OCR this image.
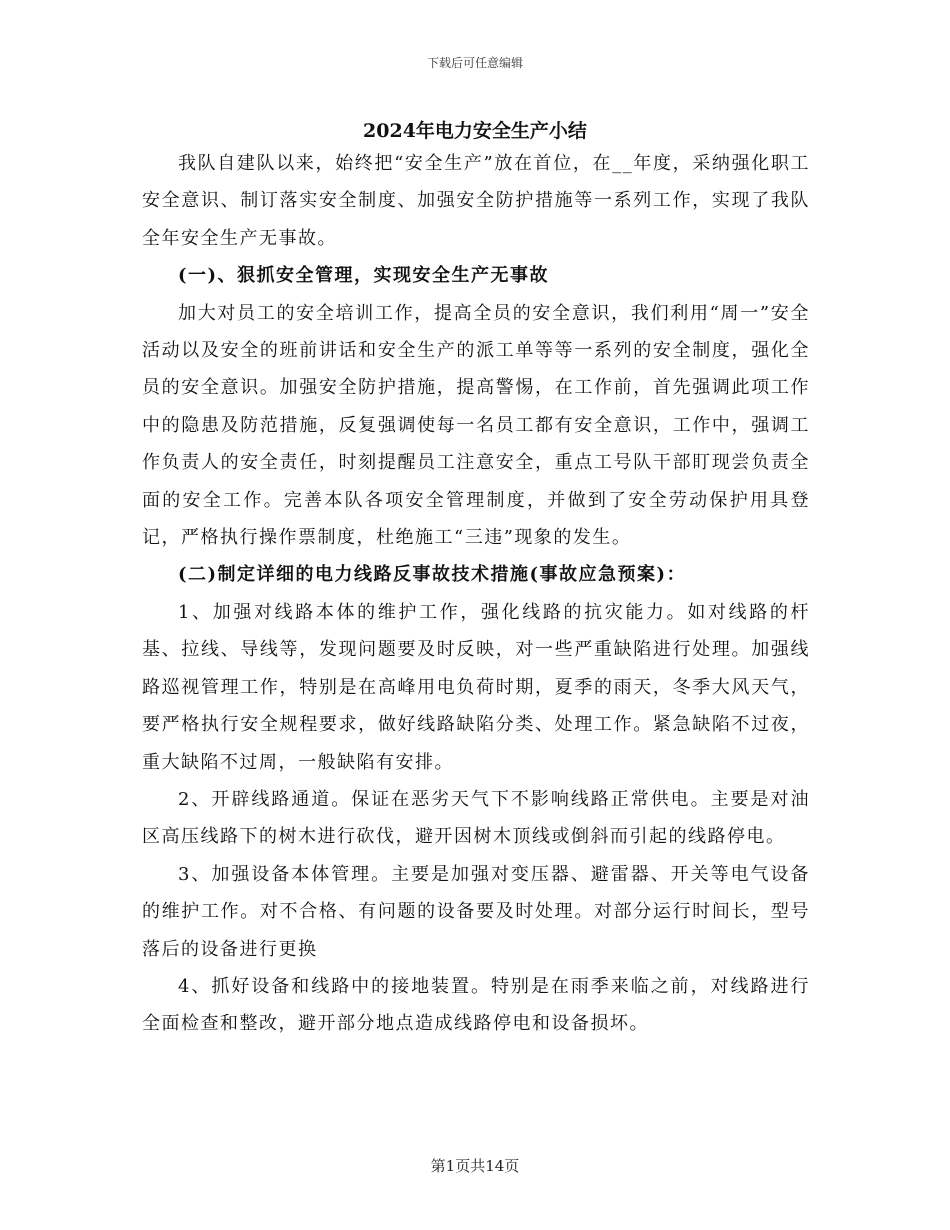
下载后可任意编辑
2024年电力安全生产小结

我队自建队以来，始终把“安全生产”放在首位，在__年度，采纳强化职工安全意识、制订落实安全制度、加强安全防护措施等一系列工作，实现了我队全年安全生产无事故。

(一)、狠抓安全管理，实现安全生产无事故

加大对员工的安全培训工作，提高全员的安全意识，我们利用“周一”安全活动以及安全的班前讲话和安全生产的派工单等等一系列的安全制度，强化全员的安全意识。加强安全防护措施，提高警惕，在工作前，首先强调此项工作中的隐患及防范措施，反复强调使每一名员工都有安全意识，工作中，强调工作负责人的安全责任，时刻提醒员工注意安全，重点工号队干部盯现尝负责全面的安全工作。完善本队各项安全管理制度，并做到了安全劳动保护用具登记，严格执行操作票制度，杜绝施工“三违”现象的发生。

(二)制定详细的电力线路反事故技术措施(事故应急预案)：

1、加强对线路本体的维护工作，强化线路的抗灾能力。如对线路的杆基、拉线、导线等，发现问题要及时反映，对一些严重缺陷进行处理。加强线路巡视管理工作，特别是在高峰用电负荷时期，夏季的雨天，冬季大风天气，要严格执行安全规程要求，做好线路缺陷分类、处理工作。紧急缺陷不过夜，重大缺陷不过周，一般缺陷有安排。

2、开辟线路通道。保证在恶劣天气下不影响线路正常供电。主要是对油区高压线路下的树木进行砍伐，避开因树木顶线或倒斜而引起的线路停电。

3、加强设备本体管理。主要是加强对变压器、避雷器、开关等电气设备的维护工作。对不合格、有问题的设备要及时处理。对部分运行时间长，型号落后的设备进行更换

4、抓好设备和线路中的接地装置。特别是在雨季来临之前，对线路进行全面检查和整改，避开部分地点造成线路停电和设备损坏。

第1页共14页
